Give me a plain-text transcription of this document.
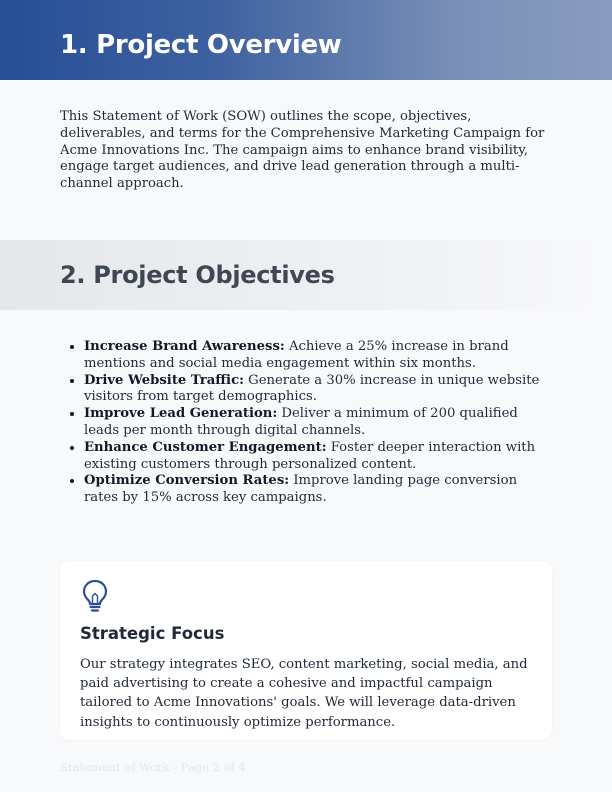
1. Project Overview

This Statement of Work (SOW) outlines the scope, objectives, deliverables, and terms for the Comprehensive Marketing Campaign for Acme Innovations Inc. The campaign aims to enhance brand visibility, engage target audiences, and drive lead generation through a multi-channel approach.

2. Project Objectives
• Increase Brand Awareness: Achieve a 25% increase in brand mentions and social media engagement within six months.
• Drive Website Traffic: Generate a 30% increase in unique website visitors from target demographics.
• Improve Lead Generation: Deliver a minimum of 200 qualified leads per month through digital channels.
• Enhance Customer Engagement: Foster deeper interaction with existing customers through personalized content.
• Optimize Conversion Rates: Improve landing page conversion rates by 15% across key campaigns.
Strategic Focus

Our strategy integrates SEO, content marketing, social media, and paid advertising to create a cohesive and impactful campaign tailored to Acme Innovations' goals. We will leverage data-driven insights to continuously optimize performance.

Statement of Work - Page 2 of 4
